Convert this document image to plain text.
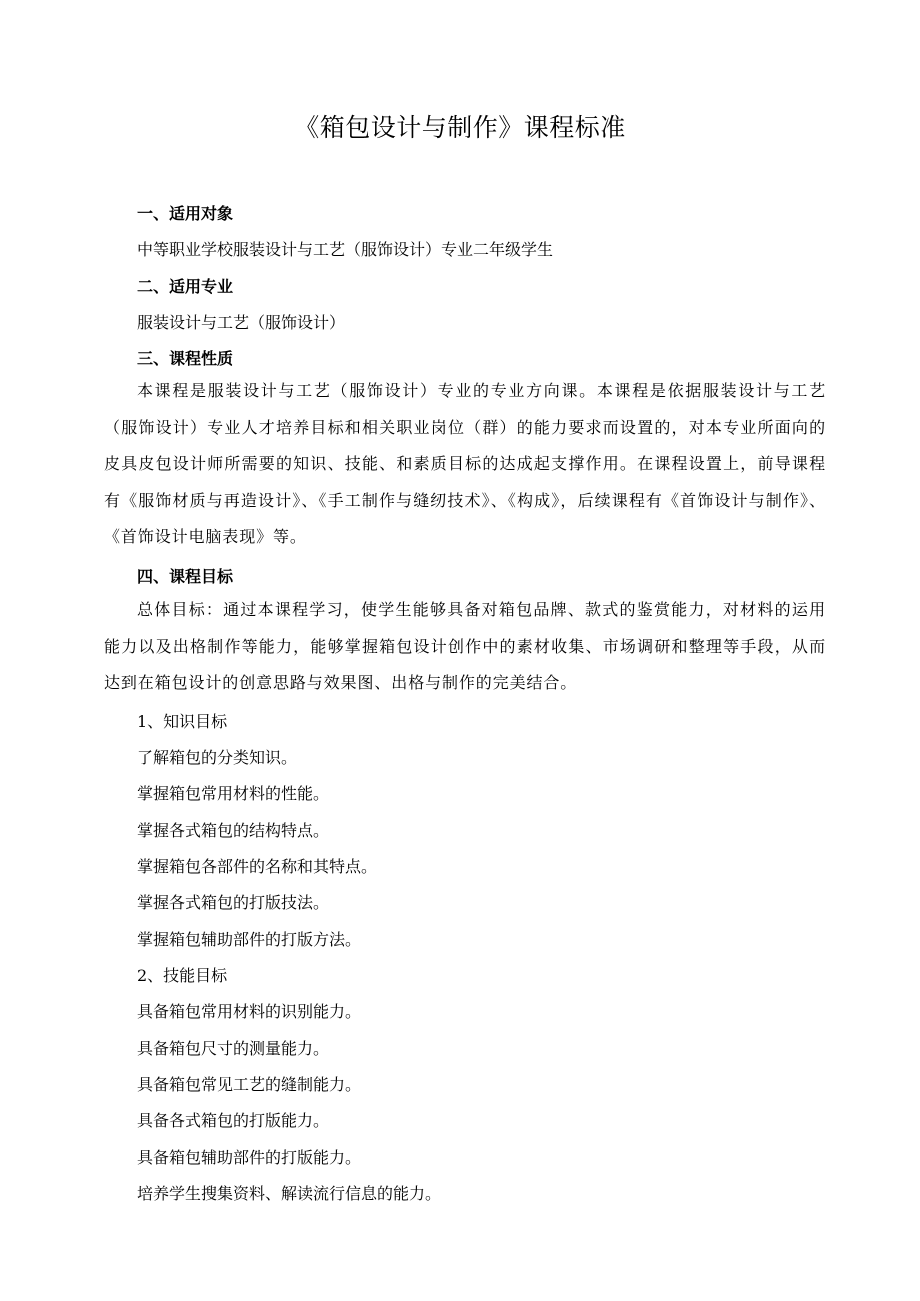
《箱包设计与制作》课程标准
一、适用对象
中等职业学校服装设计与工艺（服饰设计）专业二年级学生
二、适用专业
服装设计与工艺（服饰设计）
三、课程性质
本课程是服装设计与工艺（服饰设计）专业的专业方向课。本课程是依据服装设计与工艺（服饰设计）专业人才培养目标和相关职业岗位（群）的能力要求而设置的，对本专业所面向的皮具皮包设计师所需要的知识、技能、和素质目标的达成起支撑作用。在课程设置上，前导课程有《服饰材质与再造设计》、《手工制作与缝纫技术》、《构成》，后续课程有《首饰设计与制作》、《首饰设计电脑表现》等。
四、课程目标
总体目标：通过本课程学习，使学生能够具备对箱包品牌、款式的鉴赏能力，对材料的运用能力以及出格制作等能力，能够掌握箱包设计创作中的素材收集、市场调研和整理等手段，从而达到在箱包设计的创意思路与效果图、出格与制作的完美结合。
1、知识目标
了解箱包的分类知识。
掌握箱包常用材料的性能。
掌握各式箱包的结构特点。
掌握箱包各部件的名称和其特点。
掌握各式箱包的打版技法。
掌握箱包辅助部件的打版方法。
2、技能目标
具备箱包常用材料的识别能力。
具备箱包尺寸的测量能力。
具备箱包常见工艺的缝制能力。
具备各式箱包的打版能力。
具备箱包辅助部件的打版能力。
培养学生搜集资料、解读流行信息的能力。
